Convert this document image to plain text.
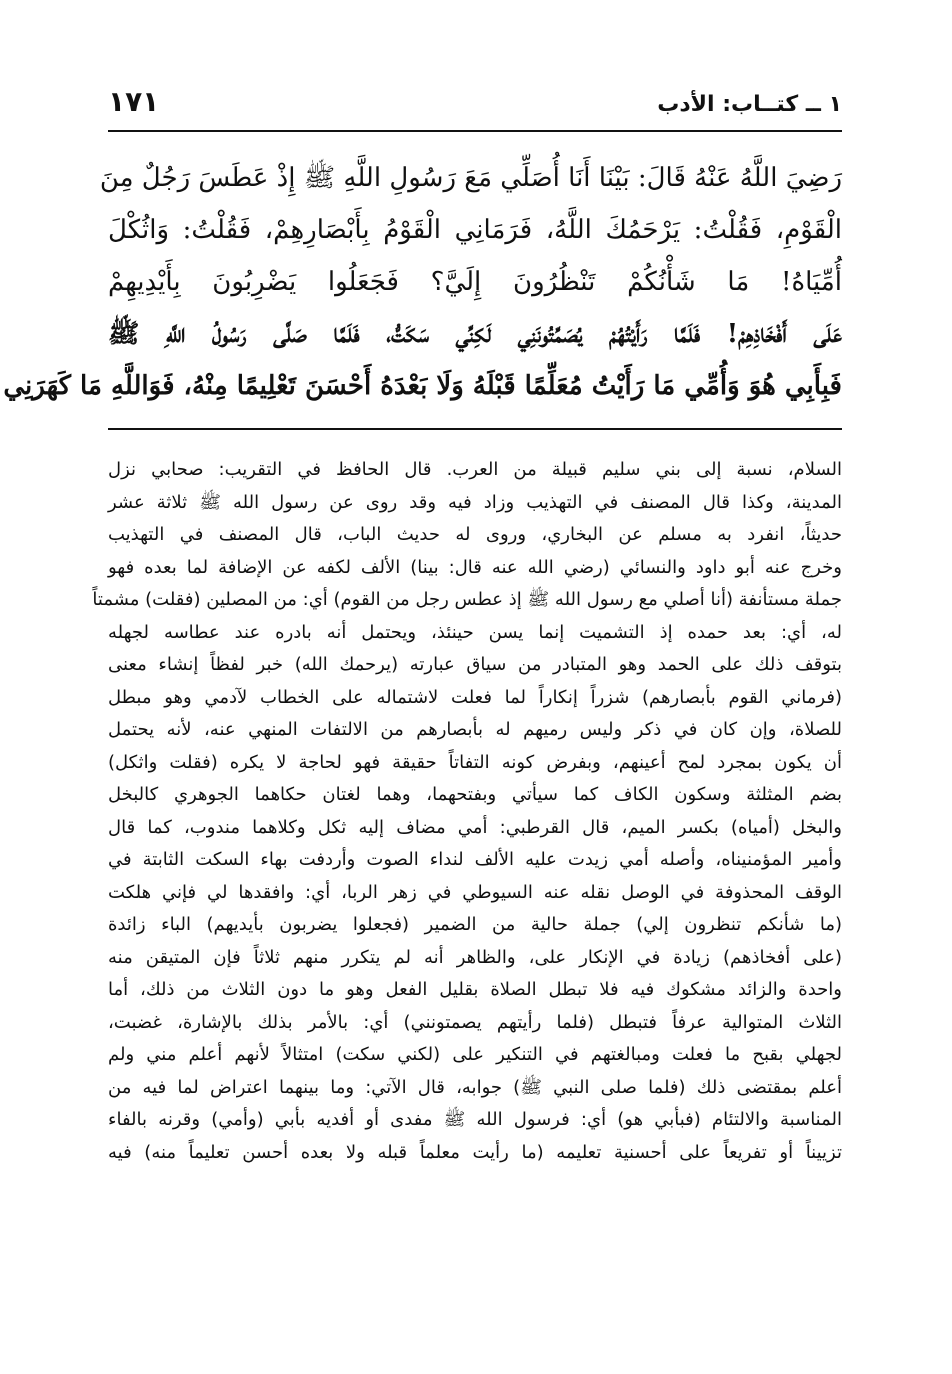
١ ــ كتــاب: الأدب
١٧١
رَضِيَ اللَّهُ عَنْهُ قَالَ: بَيْنَا أَنَا أُصَلِّي مَعَ رَسُولِ اللَّهِ ﷺ إِذْ عَطَسَ رَجُلٌ مِنَ
الْقَوْمِ، فَقُلْتُ: يَرْحَمُكَ اللَّهُ، فَرَمَانِي الْقَوْمُ بِأَبْصَارِهِمْ، فَقُلْتُ: وَاثُكْلَ
أُمِّيَاهُ! مَا شَأْنُكُمْ تَنْظُرُونَ إِلَيَّ؟ فَجَعَلُوا يَضْرِبُونَ بِأَيْدِيهِمْ
عَلَى أَفْخَاذِهِمْ! فَلَمَّا رَأَيْتُهُمْ يُصَمِّتُونَنِي لَكِنِّي سَكَتُّ، فَلَمَّا صَلَّى رَسُولُ اللَّهِ ﷺ
فَبِأَبِي هُوَ وَأُمِّي مَا رَأَيْتُ مُعَلِّمًا قَبْلَهُ وَلَا بَعْدَهُ أَحْسَنَ تَعْلِيمًا مِنْهُ، فَوَاللَّهِ مَا كَهَرَنِي
السلام، نسبة إلى بني سليم قبيلة من العرب. قال الحافظ في التقريب: صحابي نزل
المدينة، وكذا قال المصنف في التهذيب وزاد فيه وقد روى عن رسول الله ﷺ ثلاثة عشر
حديثاً، انفرد به مسلم عن البخاري، وروى له حديث الباب، قال المصنف في التهذيب
وخرج عنه أبو داود والنسائي (رضي الله عنه قال: بينا) الألف لكفه عن الإضافة لما بعده فهو
جملة مستأنفة (أنا أصلي مع رسول الله ﷺ إذ عطس رجل من القوم) أي: من المصلين (فقلت) مشمتاً
له، أي: بعد حمده إذ التشميت إنما يسن حينئذ، ويحتمل أنه بادره عند عطاسه لجهله
بتوقف ذلك على الحمد وهو المتبادر من سياق عبارته (يرحمك الله) خبر لفظاً إنشاء معنى
(فرماني القوم بأبصارهم) شزراً إنكاراً لما فعلت لاشتماله على الخطاب لآدمي وهو مبطل
للصلاة، وإن كان في ذكر وليس رميهم له بأبصارهم من الالتفات المنهي عنه، لأنه يحتمل
أن يكون بمجرد لمح أعينهم، وبفرض كونه التفاتاً حقيقة فهو لحاجة لا يكره (فقلت واثكل)
بضم المثلثة وسكون الكاف كما سيأتي وبفتحهما، وهما لغتان حكاهما الجوهري كالبخل
والبخل (أمياه) بكسر الميم، قال القرطبي: أمي مضاف إليه ثكل وكلاهما مندوب، كما قال
وأمير المؤمنيناه، وأصله أمي زيدت عليه الألف لنداء الصوت وأردفت بهاء السكت الثابتة في
الوقف المحذوفة في الوصل نقله عنه السيوطي في زهر الربا، أي: وافقدها لي فإني هلكت
(ما شأنكم تنظرون إلي) جملة حالية من الضمير (فجعلوا يضربون بأيديهم) الباء زائدة
(على أفخاذهم) زيادة في الإنكار على، والظاهر أنه لم يتكرر منهم ثلاثاً فإن المتيقن منه
واحدة والزائد مشكوك فيه فلا تبطل الصلاة بقليل الفعل وهو ما دون الثلاث من ذلك، أما
الثلاث المتوالية عرفاً فتبطل (فلما رأيتهم يصمتونني) أي: بالأمر بذلك بالإشارة، غضبت،
لجهلي بقبح ما فعلت ومبالغتهم في التنكير على (لكني سكت) امتثالاً لأنهم أعلم مني ولم
أعلم بمقتضى ذلك (فلما صلى النبي ﷺ) جوابه، قال الآتي: وما بينهما اعتراض لما فيه من
المناسبة والالتئام (فبأبي هو) أي: فرسول الله ﷺ مفدى أو أفديه بأبي (وأمي) وقرنه بالفاء
تزييناً أو تفريعاً على أحسنية تعليمه (ما رأيت معلماً قبله ولا بعده أحسن تعليماً منه) فيه
